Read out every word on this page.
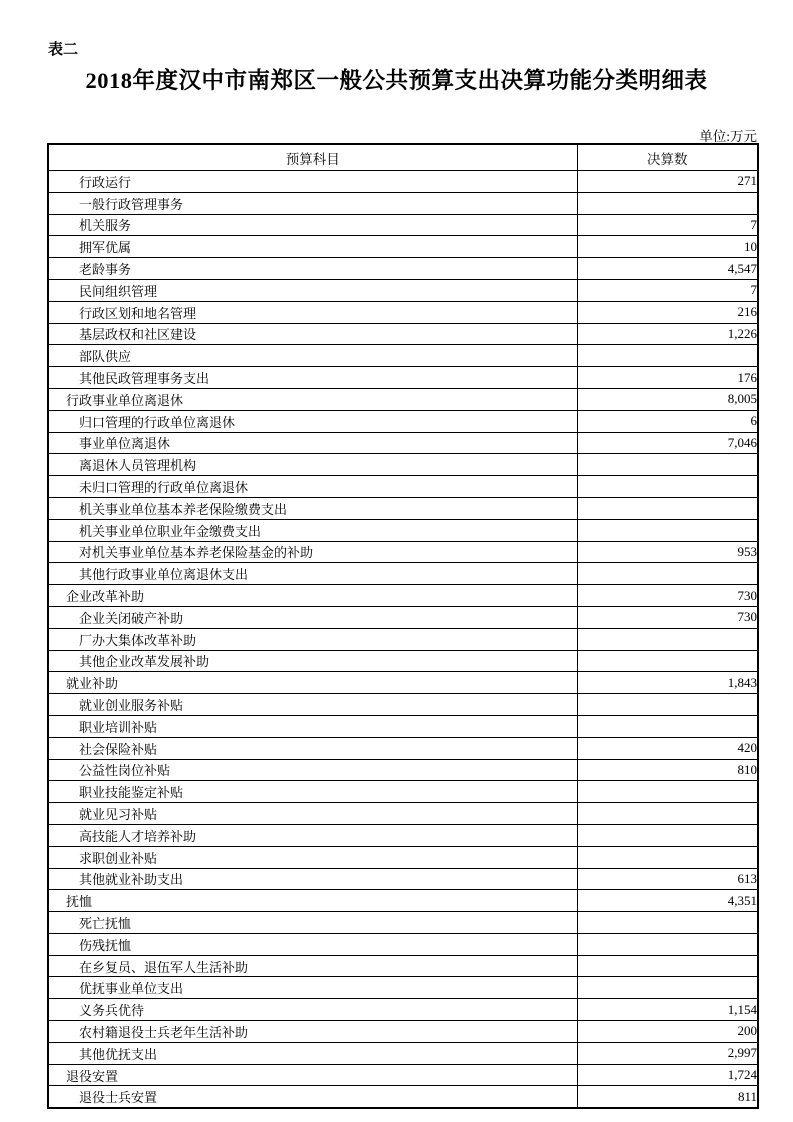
表二
2018年度汉中市南郑区一般公共预算支出决算功能分类明细表
单位:万元
预算科目	决算数
行政运行	271
一般行政管理事务	
机关服务	7
拥军优属	10
老龄事务	4,547
民间组织管理	7
行政区划和地名管理	216
基层政权和社区建设	1,226
部队供应	
其他民政管理事务支出	176
行政事业单位离退休	8,005
归口管理的行政单位离退休	6
事业单位离退休	7,046
离退休人员管理机构	
未归口管理的行政单位离退休	
机关事业单位基本养老保险缴费支出	
机关事业单位职业年金缴费支出	
对机关事业单位基本养老保险基金的补助	953
其他行政事业单位离退休支出	
企业改革补助	730
企业关闭破产补助	730
厂办大集体改革补助	
其他企业改革发展补助	
就业补助	1,843
就业创业服务补贴	
职业培训补贴	
社会保险补贴	420
公益性岗位补贴	810
职业技能鉴定补贴	
就业见习补贴	
高技能人才培养补助	
求职创业补贴	
其他就业补助支出	613
抚恤	4,351
死亡抚恤	
伤残抚恤	
在乡复员、退伍军人生活补助	
优抚事业单位支出	
义务兵优待	1,154
农村籍退役士兵老年生活补助	200
其他优抚支出	2,997
退役安置	1,724
退役士兵安置	811
